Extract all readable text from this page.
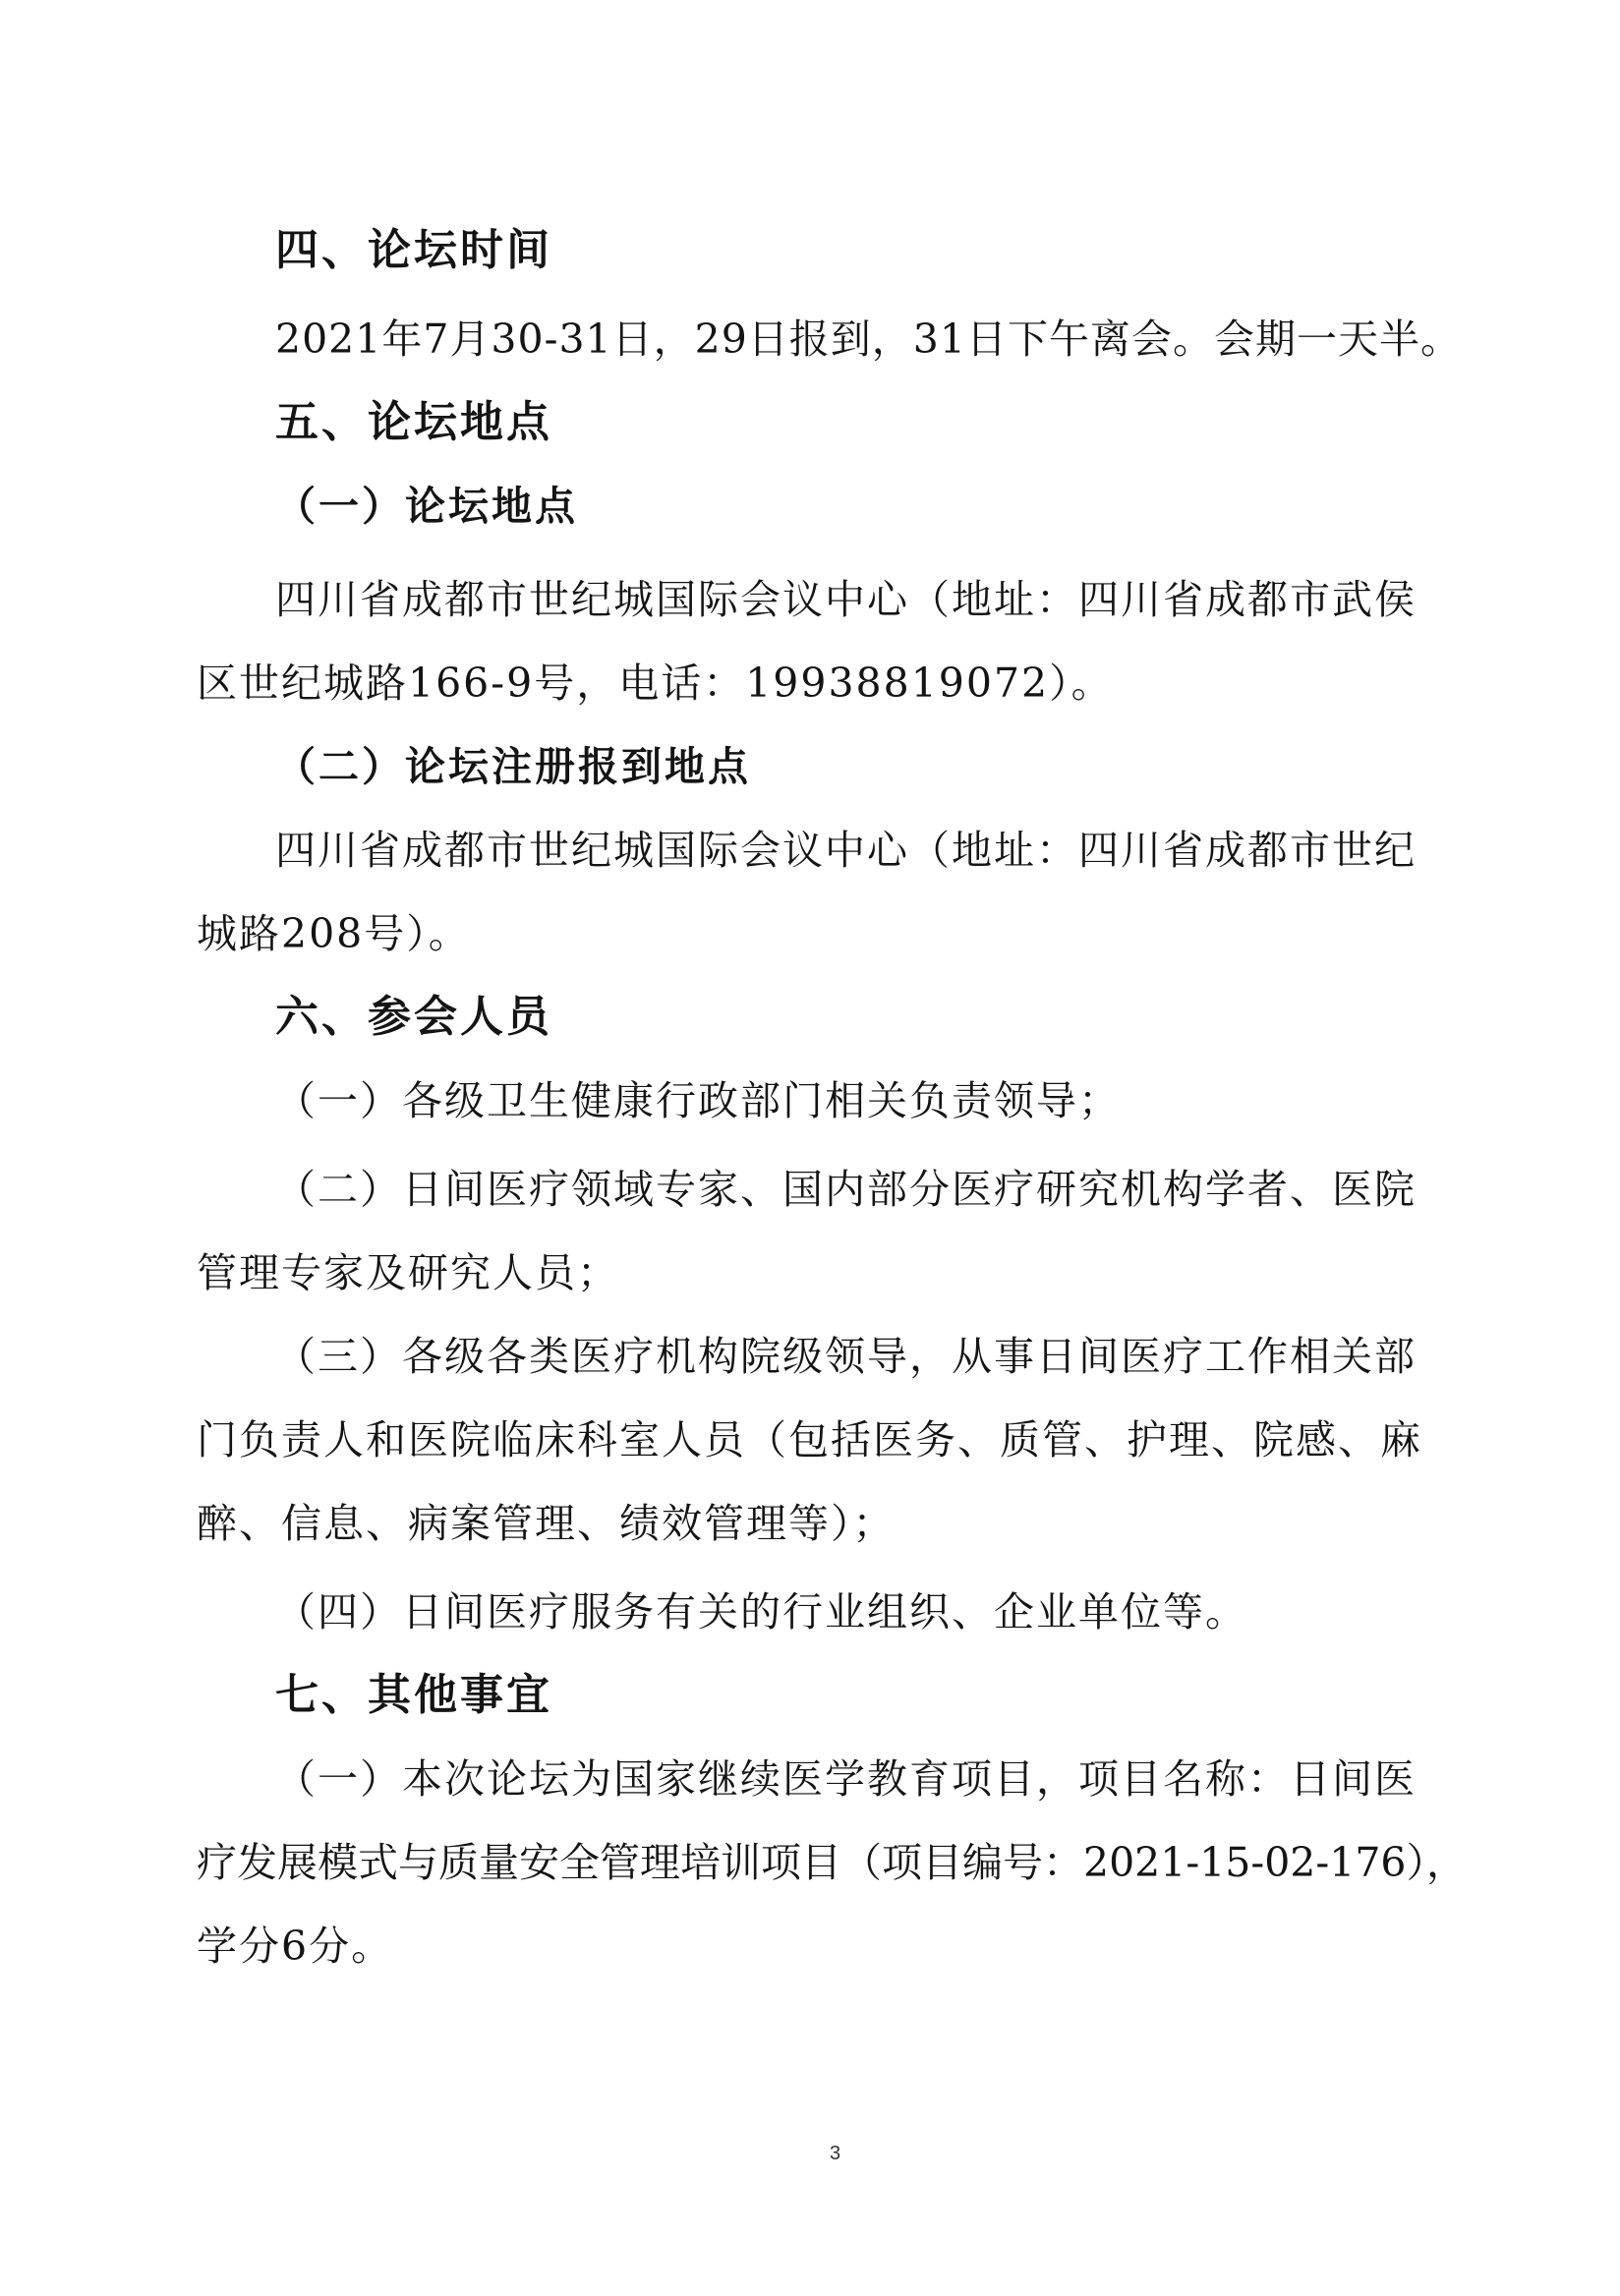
四、论坛时间
2021年7月30-31日，29日报到，31日下午离会。会期一天半。
五、论坛地点
（一）论坛地点
四川省成都市世纪城国际会议中心（地址：四川省成都市武侯
区世纪城路166-9号，电话：19938819072）。
（二）论坛注册报到地点
四川省成都市世纪城国际会议中心（地址：四川省成都市世纪
城路208号）。
六、参会人员
（一）各级卫生健康行政部门相关负责领导；
（二）日间医疗领域专家、国内部分医疗研究机构学者、医院
管理专家及研究人员；
（三）各级各类医疗机构院级领导，从事日间医疗工作相关部
门负责人和医院临床科室人员（包括医务、质管、护理、院感、麻
醉、信息、病案管理、绩效管理等）；
（四）日间医疗服务有关的行业组织、企业单位等。
七、其他事宜
（一）本次论坛为国家继续医学教育项目，项目名称：日间医
疗发展模式与质量安全管理培训项目（项目编号：2021-15-02-176），
学分6分。
3
